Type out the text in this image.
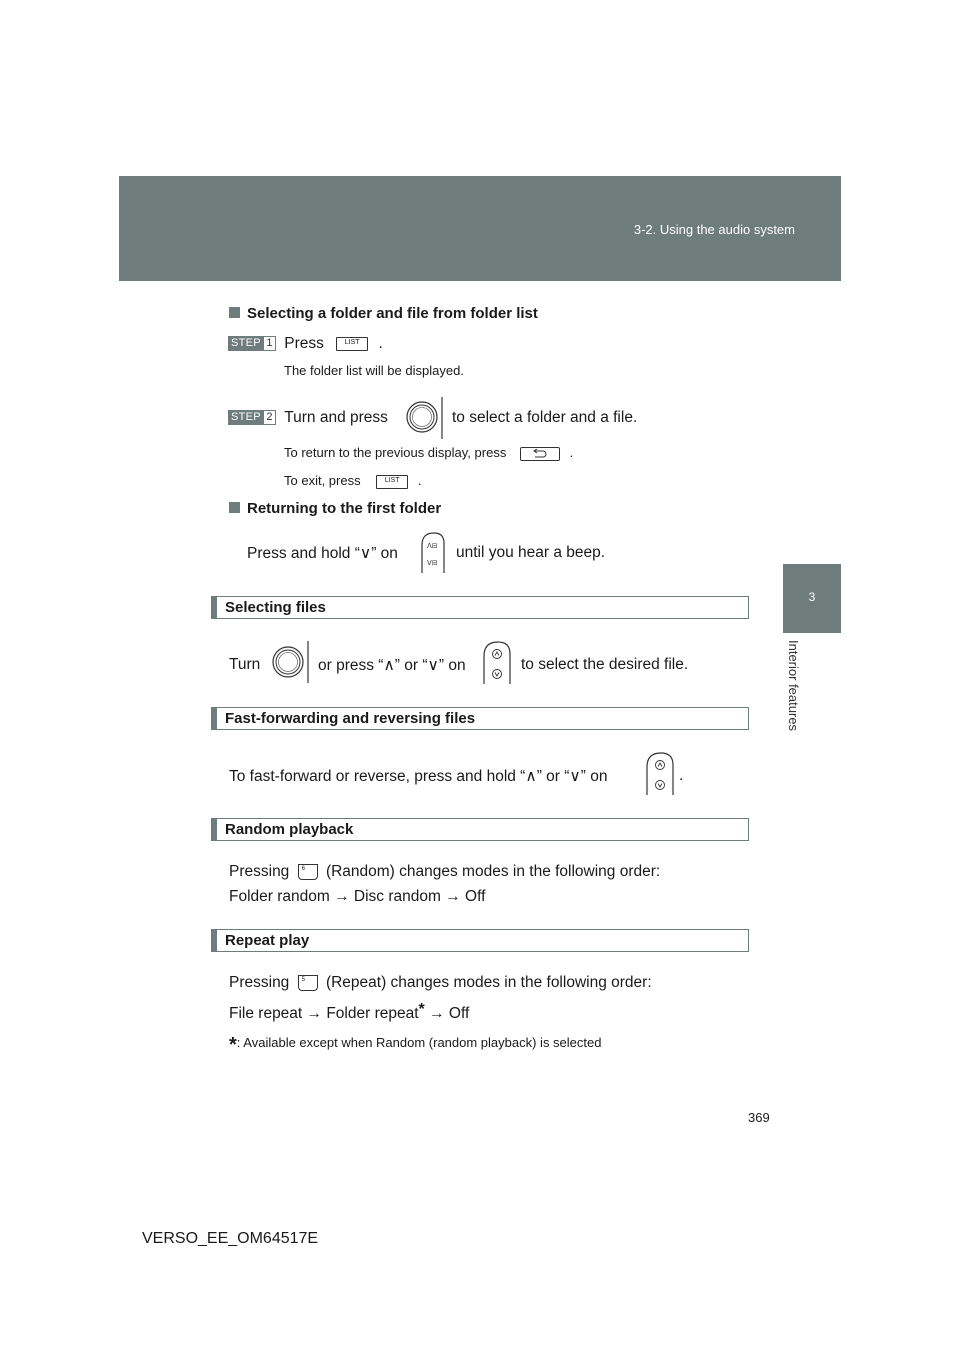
3-2. Using the audio system
3
Interior features
Selecting a folder and file from folder list
STEP 1 Press	LIST	.
The folder list will be displayed.
STEP 2 Turn and press	to select a folder and a file.
To return to the previous display, press	.
To exit, press	LIST	.
Returning to the first folder
Press and hold “∨” on	Λ⊟
V⊟
until you hear a beep.
Selecting files
Turn	or press “∧” or “∨” on	to select the desired file.
Fast-forwarding and reversing files
To fast-forward or reverse, press and hold “∧” or “∨” on	.
Random playback
Pressing 6 (Random) changes modes in the following order:
Folder random → Disc random → Off
Repeat play
Pressing 5 (Repeat) changes modes in the following order:
File repeat → Folder repeat* → Off
*: Available except when Random (random playback) is selected
369
VERSO_EE_OM64517E
